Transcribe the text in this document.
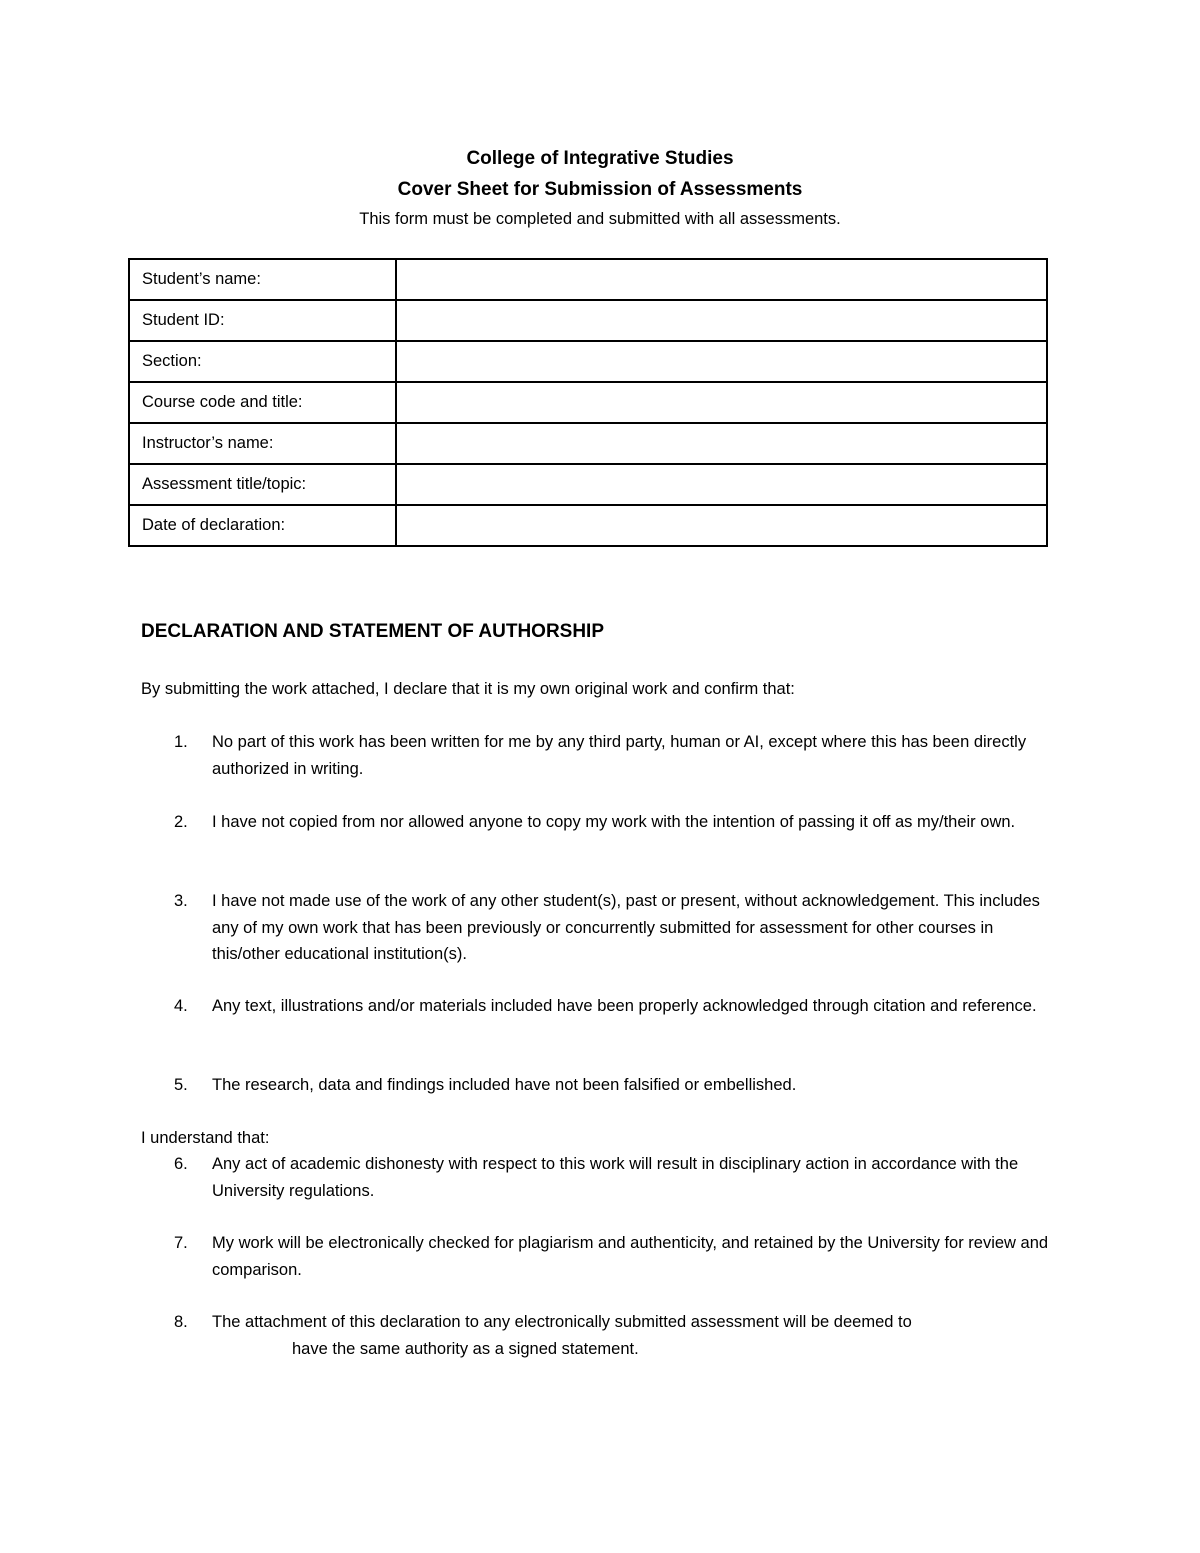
College of Integrative Studies
Cover Sheet for Submission of Assessments
This form must be completed and submitted with all assessments.
Student’s name:	
Student ID:	
Section:	
Course code and title:	
Instructor’s name:	
Assessment title/topic:	
Date of declaration:	
DECLARATION AND STATEMENT OF AUTHORSHIP
By submitting the work attached, I declare that it is my own original work and confirm that:
1.	No part of this work has been written for me by any third party, human or AI, except where this has been directly authorized in writing.
2.	I have not copied from nor allowed anyone to copy my work with the intention of passing it off as my/their own.
3.	I have not made use of the work of any other student(s), past or present, without acknowledgement. This includes any of my own work that has been previously or concurrently submitted for assessment for other courses in this/other educational institution(s).
4.	Any text, illustrations and/or materials included have been properly acknowledged through citation and reference.
5.	The research, data and findings included have not been falsified or embellished.
I understand that:
6.	Any act of academic dishonesty with respect to this work will result in disciplinary action in accordance with the University regulations.
7.	My work will be electronically checked for plagiarism and authenticity, and retained by the University for review and comparison.
8.	The attachment of this declaration to any electronically submitted assessment will be deemed to
have the same authority as a signed statement.
